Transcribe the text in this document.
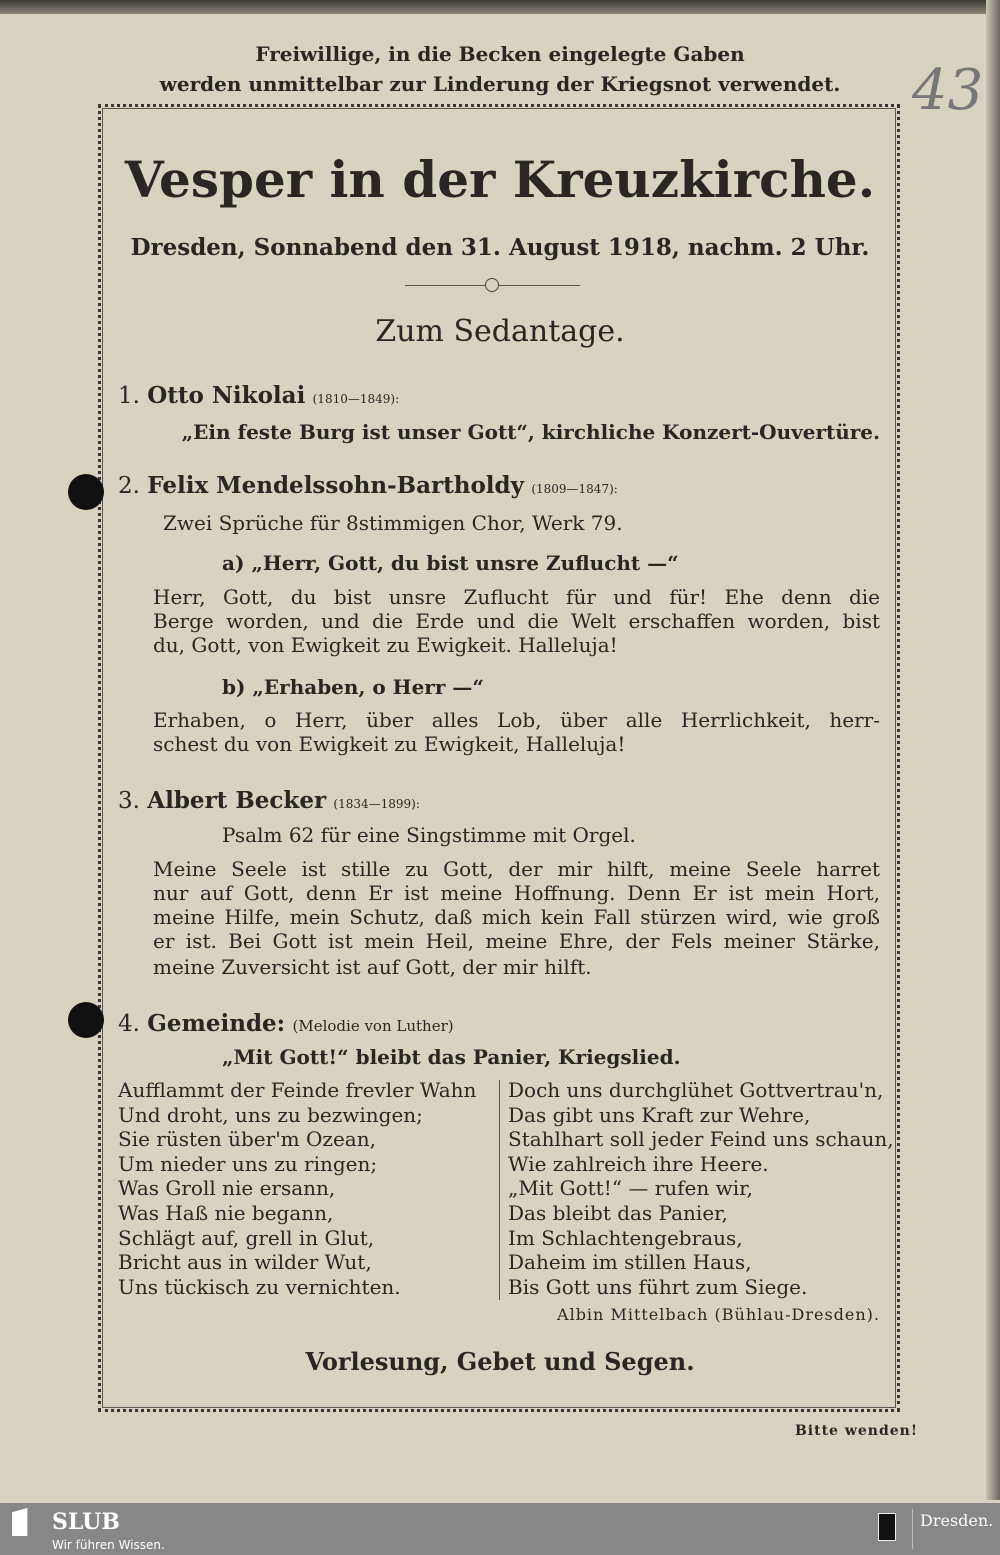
Freiwillige, in die Becken eingelegte Gaben
werden unmittelbar zur Linderung der Kriegsnot verwendet.	43
Vesper in der Kreuzkirche.
Dresden, Sonnabend den 31. August 1918, nachm. 2 Uhr.
Zum Sedantage.
1. Otto Nikolai (1810—1849):
„Ein feste Burg ist unser Gott“, kirchliche Konzert-Ouvertüre.
2. Felix Mendelssohn-Bartholdy (1809—1847):
Zwei Sprüche für 8stimmigen Chor, Werk 79.
a) „Herr, Gott, du bist unsre Zuflucht —“
Herr, Gott, du bist unsre Zuflucht für und für! Ehe denn die
Berge worden, und die Erde und die Welt erschaffen worden, bist
du, Gott, von Ewigkeit zu Ewigkeit. Halleluja!
b) „Erhaben, o Herr —“
Erhaben, o Herr, über alles Lob, über alle Herrlichkeit, herr-
schest du von Ewigkeit zu Ewigkeit, Halleluja!
3. Albert Becker (1834—1899):
Psalm 62 für eine Singstimme mit Orgel.
Meine Seele ist stille zu Gott, der mir hilft, meine Seele harret
nur auf Gott, denn Er ist meine Hoffnung. Denn Er ist mein Hort,
meine Hilfe, mein Schutz, daß mich kein Fall stürzen wird, wie groß
er ist. Bei Gott ist mein Heil, meine Ehre, der Fels meiner Stärke,
meine Zuversicht ist auf Gott, der mir hilft.
4. Gemeinde: (Melodie von Luther)
„Mit Gott!“ bleibt das Panier, Kriegslied.
Aufflammt der Feinde frevler Wahn
Und droht, uns zu bezwingen;
Sie rüsten über'm Ozean,
Um nieder uns zu ringen;
Was Groll nie ersann,
Was Haß nie begann,
Schlägt auf, grell in Glut,
Bricht aus in wilder Wut,
Uns tückisch zu vernichten.
Doch uns durchglühet Gottvertrau'n,
Das gibt uns Kraft zur Wehre,
Stahlhart soll jeder Feind uns schaun,
Wie zahlreich ihre Heere.
„Mit Gott!“ — rufen wir,
Das bleibt das Panier,
Im Schlachtengebraus,
Daheim im stillen Haus,
Bis Gott uns führt zum Siege.
Albin Mittelbach (Bühlau-Dresden).
Vorlesung, Gebet und Segen.
Bitte wenden!
SLUB
Wir führen Wissen.
Dresden.
